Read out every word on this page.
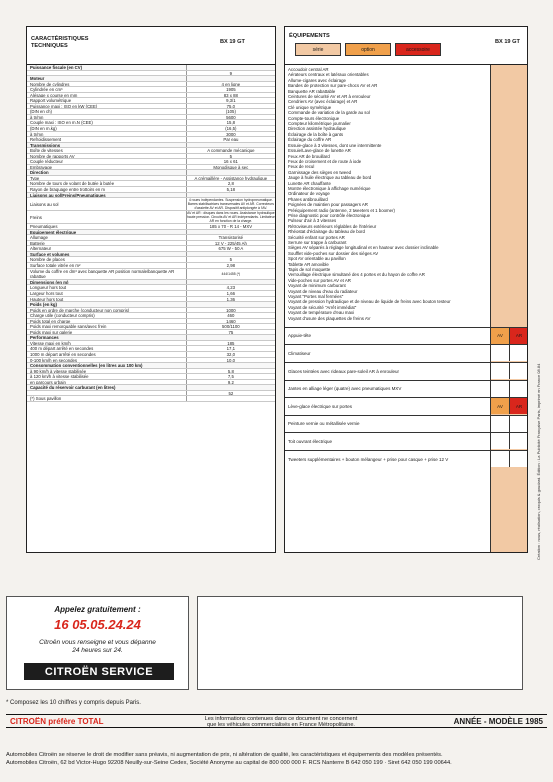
CARACTÉRISTIQUES
TECHNIQUES
BX 19 GT
Puissance fiscale (en CV)
9
Moteur
Nombre de cylindres	4 en ligne
Cylindrée en cm³	1905
Alésage x course en mm	83 x 88
Rapport volumétrique	9,3/1
Puissance maxi : ISO en kW (CEE)	75,0
(DIN en ch)	(105)
à tr/mn	5600
Couple maxi : ISO en m.N (CEE)	15,8
(DIN en m.kg)	(16,5)
à tr/mn	3000
Refroidissement	Par eau
Transmissions
Boîte de vitesses	A commande mécanique
Nombre de rapports AV	5
Couple réducteur	16 x 61
Embrayage	Monodisque à sec
Direction
Type	A crémaillère - Assistance hydraulique
Nombre de tours de volant de butée à butée	2,8
Rayon de braquage entre trottoirs en m	5,18
Liaisons au sol/Freins/Pneumatiques
Liaisons au sol
4 roues indépendantes. Suspension hydropneumatique. Barres stabilisatrices transversales AV et AR. Correcteurs d'assiette AV et AR. Dispositif antiplongée à l'AV.
Freins
AV et AR : disques dans les roues. Assistance hydraulique haute pression. Circuits AV et AR indépendants. Limitateur AR en fonction de la charge.
Pneumatiques	185 x 70 - R 14 - MXV
Equipement électrique
Allumage	Transistorisé
Batterie	12 V - 225/45 Ah
Alternateur	675 W - 50 A
Surface et volumes
Nombre de places	5
Surface totale vitrée en m²	2,98
Volume du coffre en dm³ avec banquette AR position normale/banquette AR rabattue	444/1455 (*)
Dimensions (en m)
Longueur hors tout	4,23
Largeur hors tout	1,66
Hauteur hors tout	1,36
Poids (en kg)
Poids en ordre de marche (conducteur non compris)	1000
Charge utile (conducteur compris)	460
Poids total en charge	1460
Poids maxi remorquable sans/avec frein	500/1100
Poids maxi sur galerie	75
Performances
Vitesse maxi en km/h	185
400 m départ arrêté en secondes	17,1
1000 m départ arrêté en secondes	32,0
0-100 km/h en secondes	10,0
Consommation conventionnelles (en litres aux 100 km)
à 90 km/h à vitesse stabilisée	5,8
à 120 km/h à vitesse stabilisée	7,5
en parcours urbain	9,2
Capacité du réservoir carburant (en litres)
52
(*) Sous pavillon
ÉQUIPEMENTS
série	option	accessoire
BX 19 GT
Accoudoir central AR
Aérateurs centraux et latéraux orientables
Allume-cigares avec éclairage
Bandes de protection sur pare-chocs AV et AR
Banquette AR rabattable
Ceintures de sécurité AV et AR à enrouleur
Cendriers AV (avec éclairage) et AR
Clé unique symétrique
Commande de variation de la garde au sol
Compte-tours électronique
Compteur kilométrique journalier
Direction assistée hydraulique
Éclairage de la boîte à gants
Éclairage du coffre AR
Essuie-glace à 3 vitesses, dont une intermittente
Essuie/Lave-glace de lunette AR
Feux AR de brouillard
Feux de croisement et de route à iode
Feux de recul
Garnissage des sièges en tweed
Jauge à huile électrique au tableau de bord
Lunette AR chauffante
Montre électronique à affichage numérique
Ordinateur de voyage
Phares antibrouillard
Poignées de maintien pour passagers AR
Prééquipement radio (antenne, 2 tweeters et 1 boomer)
Prise diagnostic pour contrôle électronique
Pulseur d'air à 3 vitesses
Rétroviseurs extérieurs réglables de l'intérieur
Rhéostat d'éclairage du tableau de bord
Sécurité enfant sur portes AR
Serrure sur trappe à carburant
Sièges AV séparés à réglage longitudinal et en hauteur avec dossier inclinable
Soufflet vide-poches sur dossier des sièges AV
Spot AV orientable au pavillon
Tablette AR amovible
Tapis de sol moquette
Verrouillage électrique simultané des 4 portes et du hayon de coffre AR
Vide-poches sur portes AV et AR
Voyant de minimum carburant
Voyant de niveau d'eau du radiateur
Voyant "Portes mal fermées"
Voyant de pression hydraulique et de niveau de liquide de freins avec bouton testeur
Voyant de sécurité "Arrêt immédiat"
Voyant de température d'eau maxi
Voyant d'usure des plaquettes de freins AV
Appuie-tête	AV	AR
Climatiseur
Glaces teintées avec rideaux pare-soleil AR à enrouleur
Jantes en alliage léger (quatre) avec pneumatiques MXV
Lève-glace électrique sur portes	AV	AR
Peinture vernie ou métallisée vernie
Toit ouvrant électrique
Tweeters supplémentaires + bouton mélangeur + prise pour casque + prise 12 V	Création : nous, réalisation, croquis & goudard. Édition : La Publicité Française Paris, imprimé en France 08.84
Appelez gratuitement :
16 05.05.24.24
Citroën vous renseigne et vous dépanne
24 heures sur 24.
CITROËN SERVICE
* Composez les 10 chiffres y compris depuis Paris.
CITROËN préfère TOTAL	Les informations contenues dans ce document ne concernent
que les véhicules commercialisés en France Métropolitaine.	ANNÉE - MODÈLE 1985
Automobiles Citroën se réserve le droit de modifier sans préavis, ni augmentation de prix, ni altération de qualité, les caractéristiques et équipements des modèles présentés.
Automobiles Citroën, 62 bd Victor-Hugo 92208 Neuilly-sur-Seine Cedex, Société Anonyme au capital de 800 000 000 F. RCS Nanterre B 642 050 199 · Siret 642 050 199 00644.
